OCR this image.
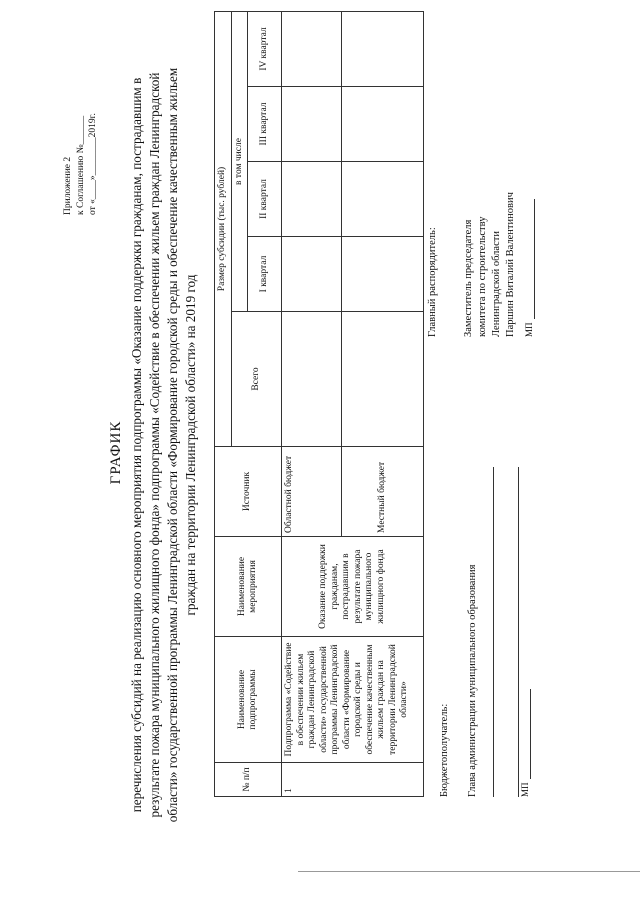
Приложение 2 к Соглашению №______ от «____»________2019г.
ГРАФИК перечисления субсидий на реализацию основного мероприятия подпрограммы «Оказание поддержки гражданам, пострадавшим в результате пожара муниципального жилищного фонда» подпрограммы «Содействие в обеспечении жильем граждан Ленинградской области» государственной программы Ленинградской области «Формирование городской среды и обеспечение качественным жильем граждан на территории Ленинградской области» на 2019 год
№ п/п	Наименование подпрограммы	Наименование мероприятия	Источник	Размер субсидии (тыс. рублей)				
				Всего	в том числе			
					I квартал	II квартал	III квартал	IV квартал
1	Подпрограмма «Содействие в обеспечении жильем граждан Ленинградской области» государственной программы Ленинградской области «Формирование городской среды и обеспечение качественным жильем граждан на территории Ленинградской области»	Оказание поддержки гражданам, пострадавшим в результате пожара муниципального жилищного фонда	Областной бюджет					
			Местный бюджет					
Бюджетополучатель: Глава администрации муниципального образования	МП
Главный распорядитель: Заместитель председателя комитета по строительству Ленинградской области Паршин Виталий Валентинович МП
